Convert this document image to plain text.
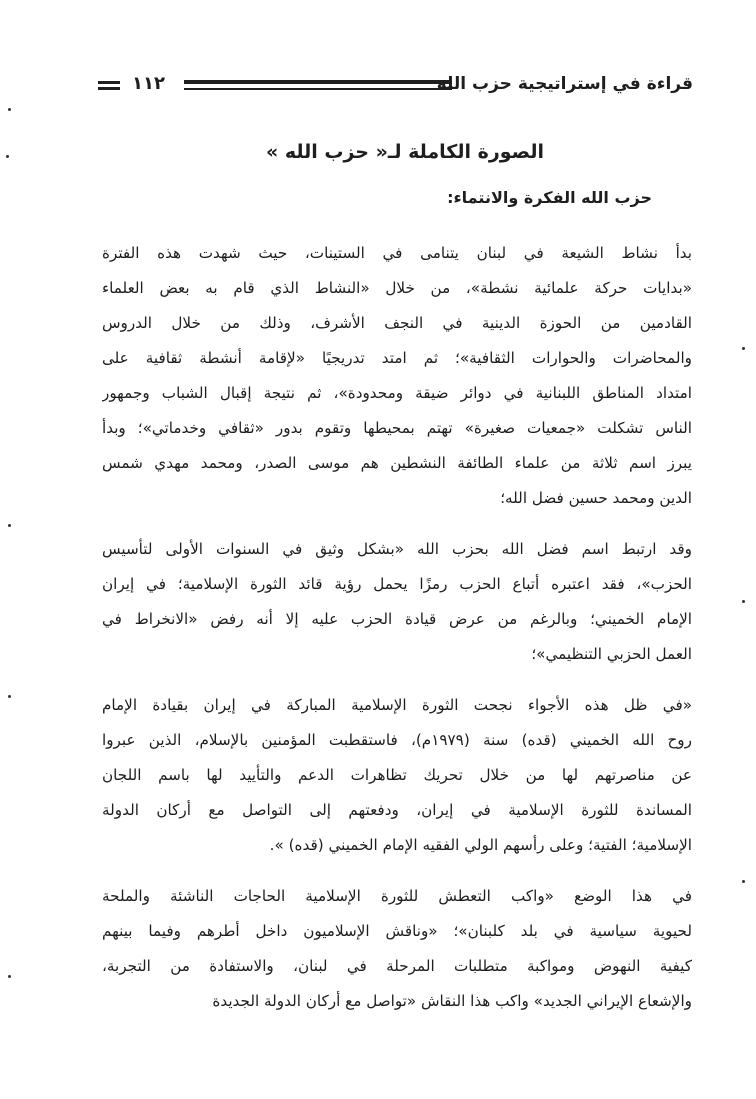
قراءة في إستراتيجية حزب الله
١١٢
الصورة الكاملة لـ« حزب الله »
حزب الله الفكرة والانتماء:
بدأ نشاط الشيعة في لبنان يتنامى في الستينات، حيث شهدت هذه الفترة
«بدايات حركة علمائية نشطة»، من خلال «النشاط الذي قام به بعض العلماء
القادمين من الحوزة الدينية في النجف الأشرف، وذلك من خلال الدروس
والمحاضرات والحوارات الثقافية»؛ ثم امتد تدريجيًا «لإقامة أنشطة ثقافية على
امتداد المناطق اللبنانية في دوائر ضيقة ومحدودة»، ثم نتيجة إقبال الشباب وجمهور
الناس تشكلت «جمعيات صغيرة» تهتم بمحيطها وتقوم بدور «ثقافي وخدماتي»؛ وبدأ
يبرز اسم ثلاثة من علماء الطائفة النشطين هم موسى الصدر، ومحمد مهدي شمس
الدين ومحمد حسين فضل الله؛
وقد ارتبط اسم فضل الله بحزب الله «بشكل وثيق في السنوات الأولى لتأسيس
الحزب»، فقد اعتبره أتباع الحزب رمزًا يحمل رؤية قائد الثورة الإسلامية؛ في إيران
الإمام الخميني؛ وبالرغم من عرض قيادة الحزب عليه إلا أنه رفض «الانخراط في
العمل الحزبي التنظيمي»؛
«في ظل هذه الأجواء نجحت الثورة الإسلامية المباركة في إيران بقيادة الإمام
روح الله الخميني (قده) سنة (١٩٧٩م)، فاستقطبت المؤمنين بالإسلام، الذين عبروا
عن مناصرتهم لها من خلال تحريك تظاهرات الدعم والتأييد لها باسم اللجان
المساندة للثورة الإسلامية في إيران، ودفعتهم إلى التواصل مع أركان الدولة
الإسلامية؛ الفتية؛ وعلى رأسهم الولي الفقيه الإمام الخميني (قده) ».
في هذا الوضع «واكب التعطش للثورة الإسلامية الحاجات الناشئة والملحة
لحيوية سياسية في بلد كلبنان»؛ «وناقش الإسلاميون داخل أطرهم وفيما بينهم
كيفية النهوض ومواكبة متطلبات المرحلة في لبنان، والاستفادة من التجربة،
والإشعاع الإيراني الجديد» واكب هذا النقاش «تواصل مع أركان الدولة الجديدة
